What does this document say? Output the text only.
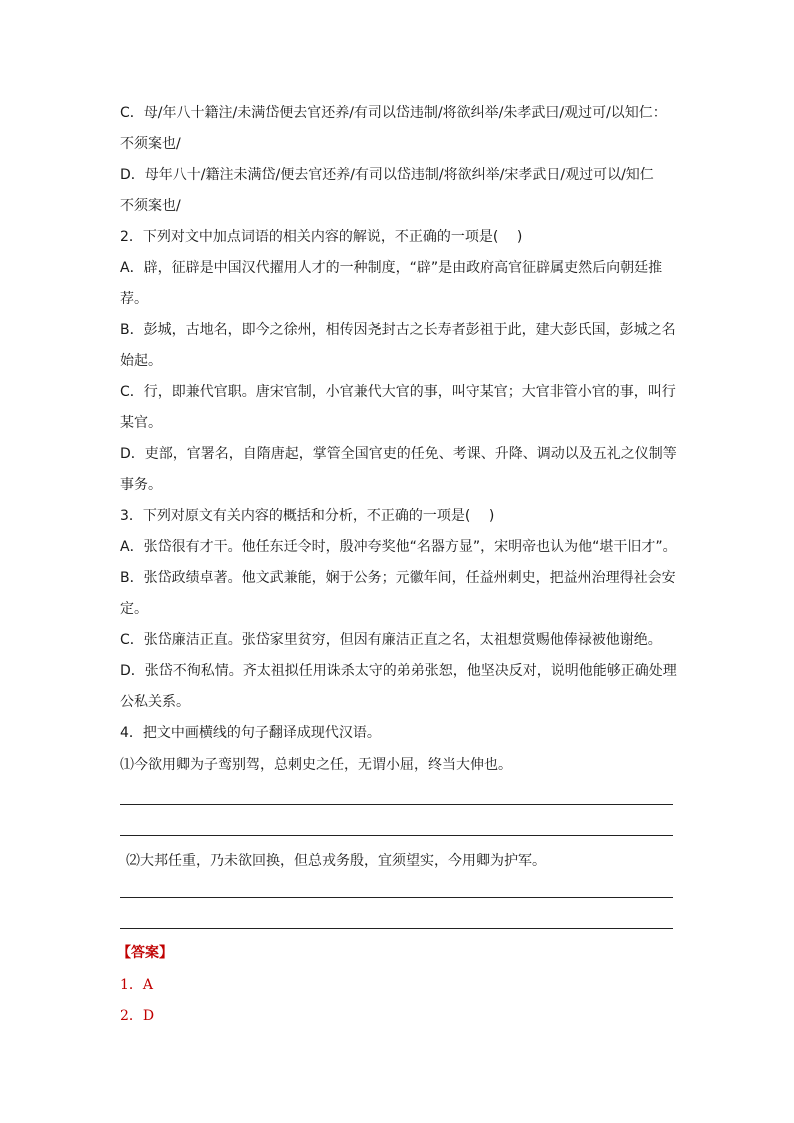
C．母/年八十籍注/未满岱便去官还养/有司以岱违制/将欲纠举/朱孝武曰/观过可/以知仁：
不须案也/
D．母年八十/籍注未满岱/便去官还养/有司以岱违制/将欲纠举/宋孝武日/观过可以/知仁
不须案也/
2．下列对文中加点词语的相关内容的解说，不正确的一项是(　 )
A．辟，征辟是中国汉代擢用人才的一种制度，“辟”是由政府高官征辟属吏然后向朝廷推
荐。
B．彭城，古地名，即今之徐州，相传因尧封古之长寿者彭祖于此，建大彭氏国，彭城之名
始起。
C．行，即兼代官职。唐宋官制，小官兼代大官的事，叫守某官；大官非管小官的事，叫行
某官。
D．吏部，官署名，自隋唐起，掌管全国官吏的任免、考课、升降、调动以及五礼之仪制等
事务。
3．下列对原文有关内容的概括和分析，不正确的一项是(　 )
A．张岱很有才干。他任东迁令时，殷冲夸奖他“名器方显”，宋明帝也认为他“堪干旧才”。
B．张岱政绩卓著。他文武兼能，娴于公务；元徽年间，任益州刺史，把益州治理得社会安
定。
C．张岱廉洁正直。张岱家里贫穷，但因有廉洁正直之名，太祖想赏赐他俸禄被他谢绝。
D．张岱不徇私情。齐太祖拟任用诛杀太守的弟弟张恕，他坚决反对，说明他能够正确处理
公私关系。
4．把文中画横线的句子翻译成现代汉语。
⑴今欲用卿为子鸾别驾，总刺史之任，无谓小屈，终当大伸也。
⑵大邦任重，乃未欲回换，但总戎务殷，宜须望实，今用卿为护军。
【答案】
1．A
2．D
